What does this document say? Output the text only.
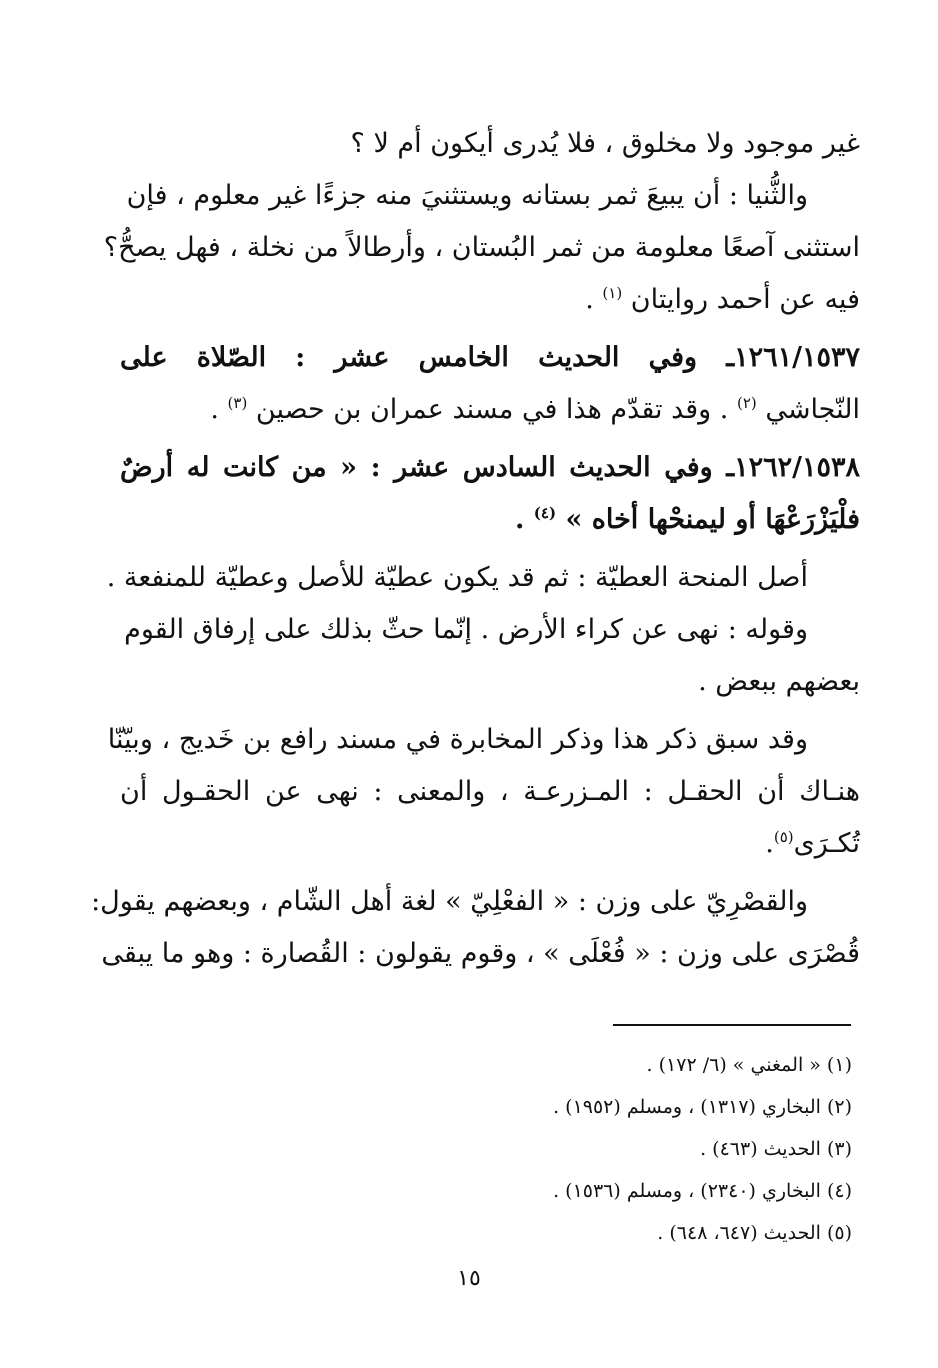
غير موجود ولا مخلوق ، فلا يُدرى أيكون أم لا ؟
والثُّنيا : أن يبيعَ ثمر بستانه ويستثنيَ منه جزءًا غير معلوم ، فإن
استثنى آصعًا معلومة من ثمر البُستان ، وأرطالاً من نخلة ، فهل يصحُّ؟
فيه عن أحمد روايتان $^{(١)}$ .
١٢٦١/١٥٣٧ـ وفي الحديث الخامس عشر : الصّلاة على
النّجاشي $^{(٢)}$ . وقد تقدّم هذا في مسند عمران بن حصين $^{(٣)}$ .
١٢٦٢/١٥٣٨ـ وفي الحديث السادس عشر : « من كانت له أرضٌ
فلْيَزْرَعْهَا أو ليمنحْها أخاه » $^{(٤)}$ .
أصل المنحة العطيّة : ثم قد يكون عطيّة للأصل وعطيّة للمنفعة .
وقوله : نهى عن كراء الأرض . إنّما حثّ بذلك على إرفاق القوم
بعضهم ببعض .
وقد سبق ذكر هذا وذكر المخابرة في مسند رافع بن خَديج ، وبيّنّا
هنـاك أن الحقـل : المـزرعـة ، والمعنى : نهى عن الحقـول أن
تُكـرَى$^{(٥)}$.
والقصْرِيّ على وزن : « الفعْلِيّ » لغة أهل الشّام ، وبعضهم يقول:
قُصْرَى على وزن : « فُعْلَى » ، وقوم يقولون : القُصارة : وهو ما يبقى
(١) « المغني » (٦/ ١٧٢) .
(٢) البخاري (١٣١٧) ، ومسلم (١٩٥٢) .
(٣) الحديث (٤٦٣) .
(٤) البخاري (٢٣٤٠) ، ومسلم (١٥٣٦) .
(٥) الحديث (٦٤٧، ٦٤٨) .
١٥
